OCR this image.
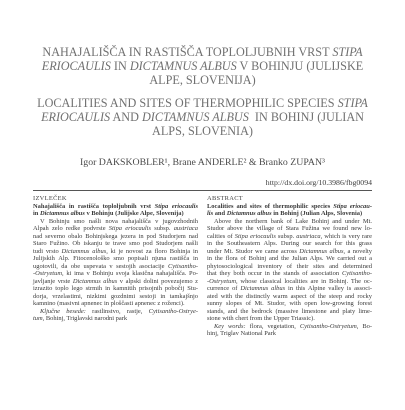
NAHAJALIŠČA IN RASTIŠČA TOPLOLJUBNIH VRST STIPA
ERIOCAULIS IN DICTAMNUS ALBUS V BOHINJU (JULIJSKE
ALPE, SLOVENIJA)
LOCALITIES AND SITES OF THERMOPHILIC SPECIES STIPA
ERIOCAULIS AND DICTAMNUS ALBUS  IN BOHINJ (JULIAN
ALPS, SLOVENIA)
Igor DAKSKOBLER¹, Brane ANDERLE² & Branko ZUPAN³
http://dx.doi.org/10.3986/fbg0094
IZVLEČEK
Nahajališča in rastišča toploljubnih vrst Stipa eriocaulis
in Dictamnus albus v Bohinju (Julijske Alpe, Slovenija)
V Bohinju smo našli nova nahajališča v jugovzhodnih
Alpah zelo redke podvrste Stipa eriocaulis subsp. austriaca
nad severno obalo Bohinjskega jezera in pod Studorjem nad
Staro Fužino. Ob iskanju te trave smo pod Studorjem našli
tudi vrsto Dictamnus albus, ki je novost za floro Bohinja in
Julijskih Alp. Fitocenološko smo popisali njuna rastišča in
ugotovili, da obe uspevata v sestojih asociacije Cytisantho-
-Ostryetum, ki ima v Bohinju svoja klasična nahajališča. Po-
javljanje vrste Dictamnus albus v alpski dolini povezujemo z
izrazito toplo lego strmih in kamnitih prisojnih pobočij Stu-
dorja, vrzelastimi, nizkimi gozdnimi sestoji in tamkajšnjo
kamnino (masivni apnenec in ploščasti apnenec z roženci).
Ključne besede: rastlinstvo, rastje, Cytisantho-Ostrye-
tum, Bohinj, Triglavski narodni park
ABSTRACT
Localities and sites of thermophilic species Stipa eriocau-
lis and Dictamnus albus in Bohinj (Julian Alps, Slovenia)
Above the northern bank of Lake Bohinj and under Mt.
Studor above the village of Stara Fužina we found new lo-
calities of Stipa eriocaulis subsp. austriaca, which is very rare
in the Southeastern Alps. During our search for this grass
under Mt. Studor we came across Dictamnus albus, a novelty
in the flora of Bohinj and the Julian Alps. We carried out a
phytosociological inventory of their sites and determined
that they both occur in the stands of association Cytisantho-
-Ostryetum, whose classical localities are in Bohinj. The oc-
currence of Dictamnus albus in this Alpine valley is associ-
ated with the distinctly warm aspect of the steep and rocky
sunny slopes of Mt. Studor, with open low-growing forest
stands, and the bedrock (massive limestone and platy lime-
stone with chert from the Upper Triassic).
Key words: flora, vegetation, Cytisantho-Ostryetum, Bo-
hinj, Triglav National Park
